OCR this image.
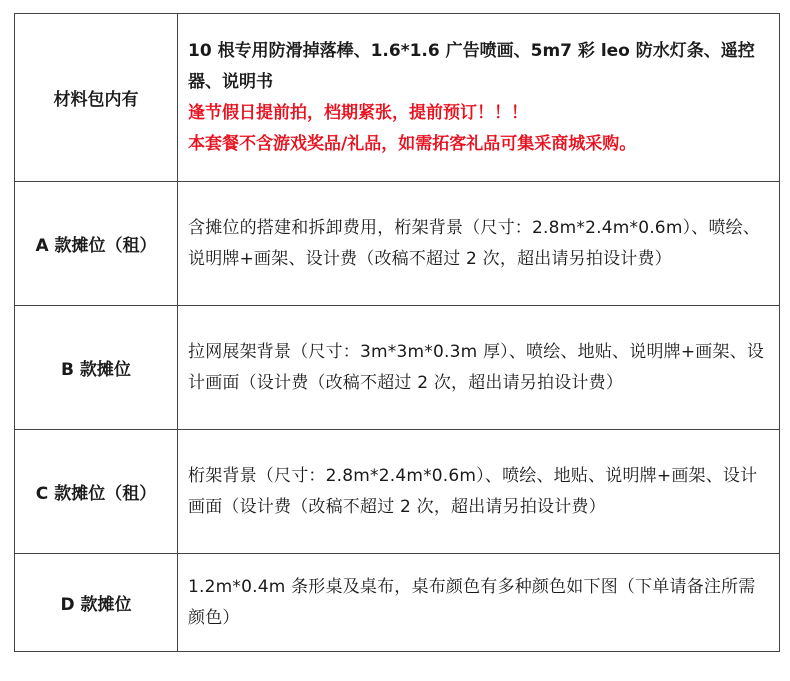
材料包内有	10 根专用防滑掉落棒、1.6*1.6 广告喷画、5m7 彩 leo 防水灯条、遥控器、说明书
逢节假日提前拍，档期紧张，提前预订！！！
本套餐不含游戏奖品/礼品，如需拓客礼品可集采商城采购。

A 款摊位（租）	含摊位的搭建和拆卸费用，桁架背景（尺寸：2.8m*2.4m*0.6m）、喷绘、说明牌+画架、设计费（改稿不超过 2 次，超出请另拍设计费）

B 款摊位	拉网展架背景（尺寸：3m*3m*0.3m 厚）、喷绘、地贴、说明牌+画架、设计画面（设计费（改稿不超过 2 次，超出请另拍设计费）

C 款摊位（租）	桁架背景（尺寸：2.8m*2.4m*0.6m）、喷绘、地贴、说明牌+画架、设计画面（设计费（改稿不超过 2 次，超出请另拍设计费）

D 款摊位	1.2m*0.4m 条形桌及桌布，桌布颜色有多种颜色如下图（下单请备注所需颜色）
